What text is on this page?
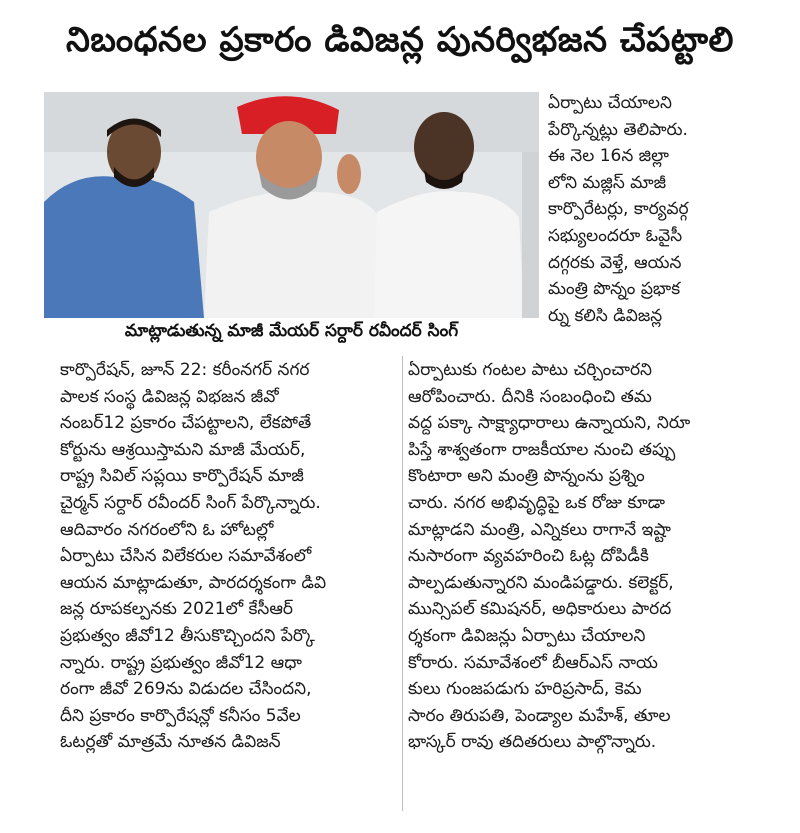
నిబంధనల ప్రకారం డివిజన్ల పునర్విభజన చేపట్టాలి
మాట్లాడుతున్న మాజీ మేయర్ సర్దార్ రవీందర్ సింగ్
ఏర్పాటు చేయాలని
పేర్కొన్నట్లు తెలిపారు.
ఈ నెల 16న జిల్లా
లోని మజ్లిస్ మాజీ
కార్పొరేటర్లు, కార్యవర్గ
సభ్యులందరూ ఓవైసీ
దగ్గరకు వెళ్తే, ఆయన
మంత్రి పొన్నం ప్రభాక
ర్ను కలిసి డివిజన్ల
కార్పొరేషన్, జూన్ 22: కరీంనగర్ నగర
పాలక సంస్థ డివిజన్ల విభజన జీవో
నంబర్12 ప్రకారం చేపట్టాలని, లేకపోతే
కోర్టును ఆశ్రయిస్తామని మాజీ మేయర్,
రాష్ట్ర సివిల్ సప్లయి కార్పొరేషన్ మాజీ
చైర్మన్ సర్దార్ రవీందర్ సింగ్ పేర్కొన్నారు.
ఆదివారం నగరంలోని ఓ హోటల్లో
ఏర్పాటు చేసిన విలేకరుల సమావేశంలో
ఆయన మాట్లాడుతూ, పారదర్శకంగా డివి
జన్ల రూపకల్పనకు 2021లో కేసీఆర్
ప్రభుత్వం జీవో12 తీసుకొచ్చిందని పేర్కొ
న్నారు. రాష్ట్ర ప్రభుత్వం జీవో12 ఆధా
రంగా జీవో 269ను విడుదల చేసిందని,
దీని ప్రకారం కార్పొరేషన్లో కనీసం 5వేల
ఓటర్లతో మాత్రమే నూతన డివిజన్
ఏర్పాటుకు గంటల పాటు చర్చించారని
ఆరోపించారు. దీనికి సంబంధించి తమ
వద్ద పక్కా సాక్ష్యాధారాలు ఉన్నాయని, నిరూ
పిస్తే శాశ్వతంగా రాజకీయాల నుంచి తప్పు
కొంటారా అని మంత్రి పొన్నంను ప్రశ్నిం
చారు. నగర అభివృద్ధిపై ఒక రోజు కూడా
మాట్లాడని మంత్రి, ఎన్నికలు రాగానే ఇష్టా
నుసారంగా వ్యవహరించి ఓట్ల దోపిడీకి
పాల్పడుతున్నారని మండిపడ్డారు. కలెక్టర్,
మున్సిపల్ కమిషనర్, అధికారులు పారద
ర్శకంగా డివిజన్లు ఏర్పాటు చేయాలని
కోరారు. సమావేశంలో బీఆర్ఎస్ నాయ
కులు గుంజపడుగు హరిప్రసాద్, కెమ
సారం తిరుపతి, పెండ్యాల మహేశ్, తూల
భాస్కర్ రావు తదితరులు పాల్గొన్నారు.
